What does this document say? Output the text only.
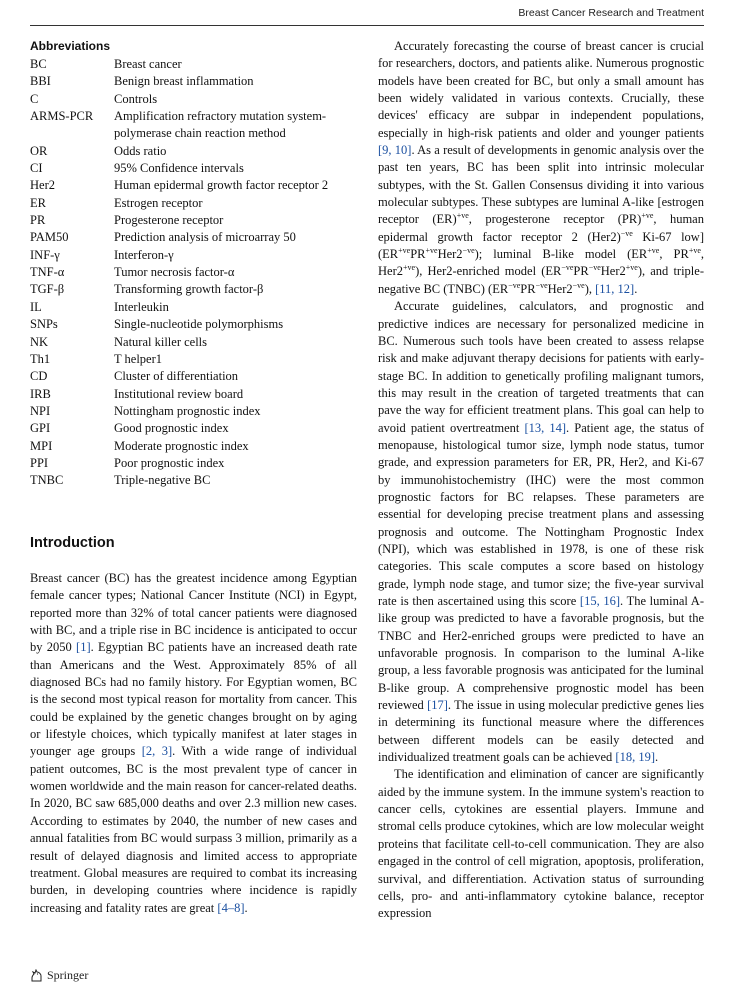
Breast Cancer Research and Treatment
Abbreviations
BC	Breast cancer
BBI	Benign breast inflammation
C	Controls
ARMS-PCR	Amplification refractory mutation system-polymerase chain reaction method
OR	Odds ratio
CI	95% Confidence intervals
Her2	Human epidermal growth factor receptor 2
ER	Estrogen receptor
PR	Progesterone receptor
PAM50	Prediction analysis of microarray 50
INF-γ	Interferon-γ
TNF-α	Tumor necrosis factor-α
TGF-β	Transforming growth factor-β
IL	Interleukin
SNPs	Single-nucleotide polymorphisms
NK	Natural killer cells
Th1	T helper1
CD	Cluster of differentiation
IRB	Institutional review board
NPI	Nottingham prognostic index
GPI	Good prognostic index
MPI	Moderate prognostic index
PPI	Poor prognostic index
TNBC	Triple-negative BC
Introduction

Breast cancer (BC) has the greatest incidence among Egyptian female cancer types; National Cancer Institute (NCI) in Egypt, reported more than 32% of total cancer patients were diagnosed with BC, and a triple rise in BC incidence is anticipated to occur by 2050 [1]. Egyptian BC patients have an increased death rate than Americans and the West. Approximately 85% of all diagnosed BCs had no family history. For Egyptian women, BC is the second most typical reason for mortality from cancer. This could be explained by the genetic changes brought on by aging or lifestyle choices, which typically manifest at later stages in younger age groups [2, 3]. With a wide range of individual patient outcomes, BC is the most prevalent type of cancer in women worldwide and the main reason for cancer-related deaths. In 2020, BC saw 685,000 deaths and over 2.3 million new cases. According to estimates by 2040, the number of new cases and annual fatalities from BC would surpass 3 million, primarily as a result of delayed diagnosis and limited access to appropriate treatment. Global measures are required to combat its increasing burden, in developing countries where incidence is rapidly increasing and fatality rates are great [4–8].

Accurately forecasting the course of breast cancer is crucial for researchers, doctors, and patients alike. Numerous prognostic models have been created for BC, but only a small amount has been widely validated in various contexts. Crucially, these devices' efficacy are subpar in independent populations, especially in high-risk patients and older and younger patients [9, 10]. As a result of developments in genomic analysis over the past ten years, BC has been split into intrinsic molecular subtypes, with the St. Gallen Consensus dividing it into various molecular subtypes. These subtypes are luminal A-like [estrogen receptor (ER)$^{+ve}$, progesterone receptor (PR)$^{+ve}$, human epidermal growth factor receptor 2 $(Her2)^{-ve}$ Ki-67 low] $(ER^{+ve}PR^{+ve}Her2^{-ve})$; luminal B-like model ($ER^{+ve}$, $PR^{+ve}$, $Her2^{+ve}$), Her2-enriched model $(ER^{-ve}PR^{-ve}Her2^{+ve})$, and triple-negative BC (TNBC) $(ER^{-ve}PR^{-ve}Her2^{-ve})$, [11, 12].

Accurate guidelines, calculators, and prognostic and predictive indices are necessary for personalized medicine in BC. Numerous such tools have been created to assess relapse risk and make adjuvant therapy decisions for patients with early-stage BC. In addition to genetically profiling malignant tumors, this may result in the creation of targeted treatments that can pave the way for efficient treatment plans. This goal can help to avoid patient overtreatment [13, 14]. Patient age, the status of menopause, histological tumor size, lymph node status, tumor grade, and expression parameters for ER, PR, Her2, and Ki-67 by immunohistochemistry (IHC) were the most common prognostic factors for BC relapses. These parameters are essential for developing precise treatment plans and assessing prognosis and outcome. The Nottingham Prognostic Index (NPI), which was established in 1978, is one of these risk categories. This scale computes a score based on histology grade, lymph node stage, and tumor size; the five-year survival rate is then ascertained using this score [15, 16]. The luminal A-like group was predicted to have a favorable prognosis, but the TNBC and Her2-enriched groups were predicted to have an unfavorable prognosis. In comparison to the luminal A-like group, a less favorable prognosis was anticipated for the luminal B-like group. A comprehensive prognostic model has been reviewed [17]. The issue in using molecular predictive genes lies in determining its functional measure where the differences between different models can be easily detected and individualized treatment goals can be achieved [18, 19].

The identification and elimination of cancer are significantly aided by the immune system. In the immune system's reaction to cancer cells, cytokines are essential players. Immune and stromal cells produce cytokines, which are low molecular weight proteins that facilitate cell-to-cell communication. They are also engaged in the control of cell migration, apoptosis, proliferation, survival, and differentiation. Activation status of surrounding cells, pro- and anti-inflammatory cytokine balance, receptor expression

Springer
